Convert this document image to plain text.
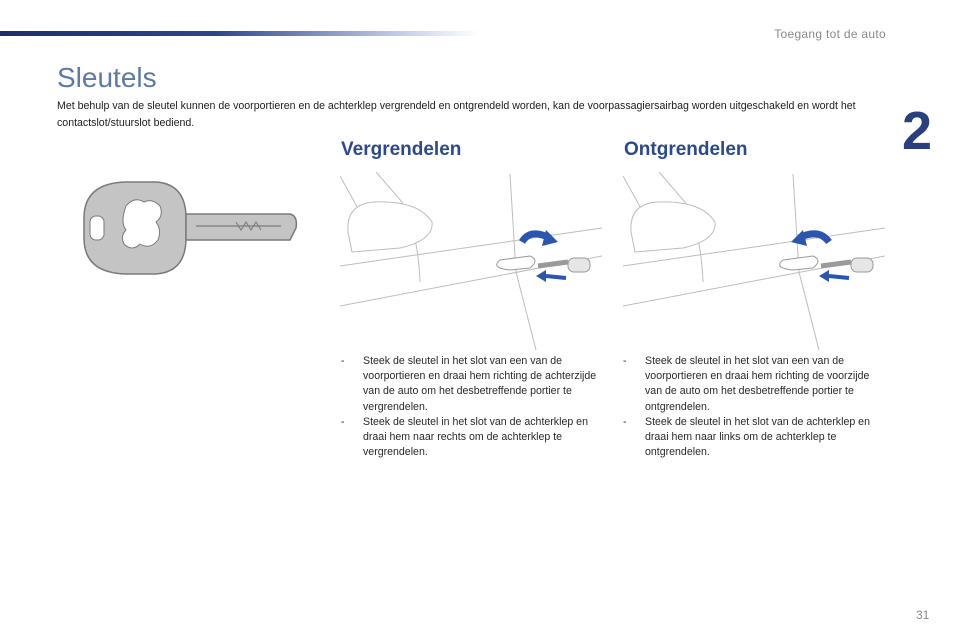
Toegang tot de auto
2
Sleutels
Met behulp van de sleutel kunnen de voorportieren en de achterklep vergrendeld en ontgrendeld worden, kan de voorpassagiersairbag worden uitgeschakeld en wordt het contactslot/stuurslot bediend.
Vergrendelen
- Steek de sleutel in het slot van een van de voorportieren en draai hem richting de achterzijde van de auto om het desbetreffende portier te vergrendelen.
- Steek de sleutel in het slot van de achterklep en draai hem naar rechts om de achterklep te vergrendelen.
Ontgrendelen
- Steek de sleutel in het slot van een van de voorportieren en draai hem richting de voorzijde van de auto om het desbetreffende portier te ontgrendelen.
- Steek de sleutel in het slot van de achterklep en draai hem naar links om de achterklep te ontgrendelen.
31
